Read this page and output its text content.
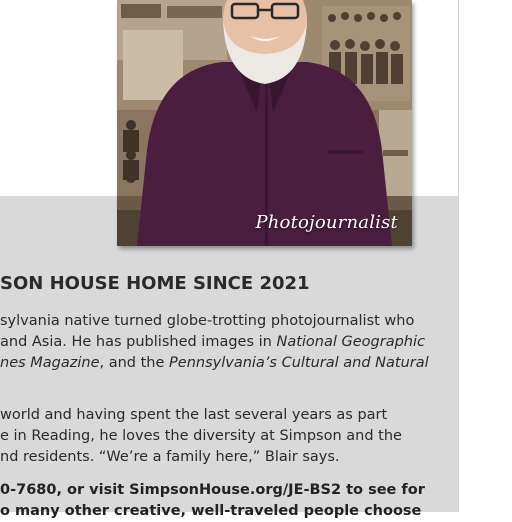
Photojournalist
SON HOUSE HOME SINCE 2021
sylvania native turned globe-trotting photojournalist who
and Asia. He has published images in National Geographic
nes Magazine, and the Pennsylvania’s Cultural and Natural
world and having spent the last several years as part
e in Reading, he loves the diversity at Simpson and the
nd residents. “We’re a family here,” Blair says.
0-7680, or visit SimpsonHouse.org/JE-BS2 to see for
o many other creative, well-traveled people choose
